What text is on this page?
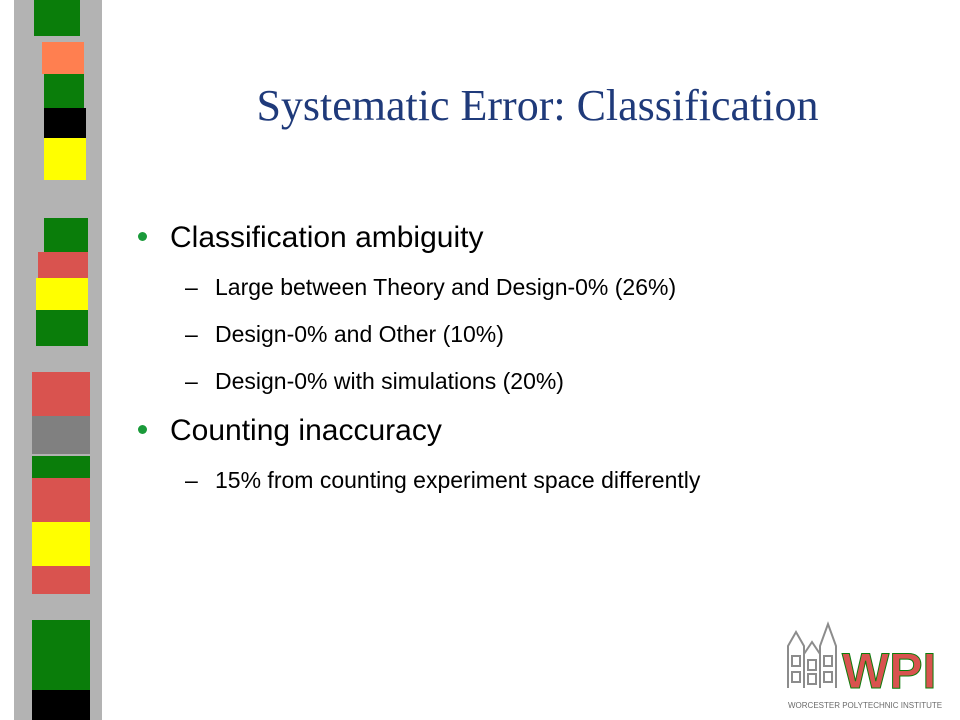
Systematic Error: Classification
Classification ambiguity
– Large between Theory and Design-0% (26%)
– Design-0% and Other (10%)
– Design-0% with simulations (20%)
Counting inaccuracy
– 15% from counting experiment space differently
WPI
WORCESTER POLYTECHNIC INSTITUTE
